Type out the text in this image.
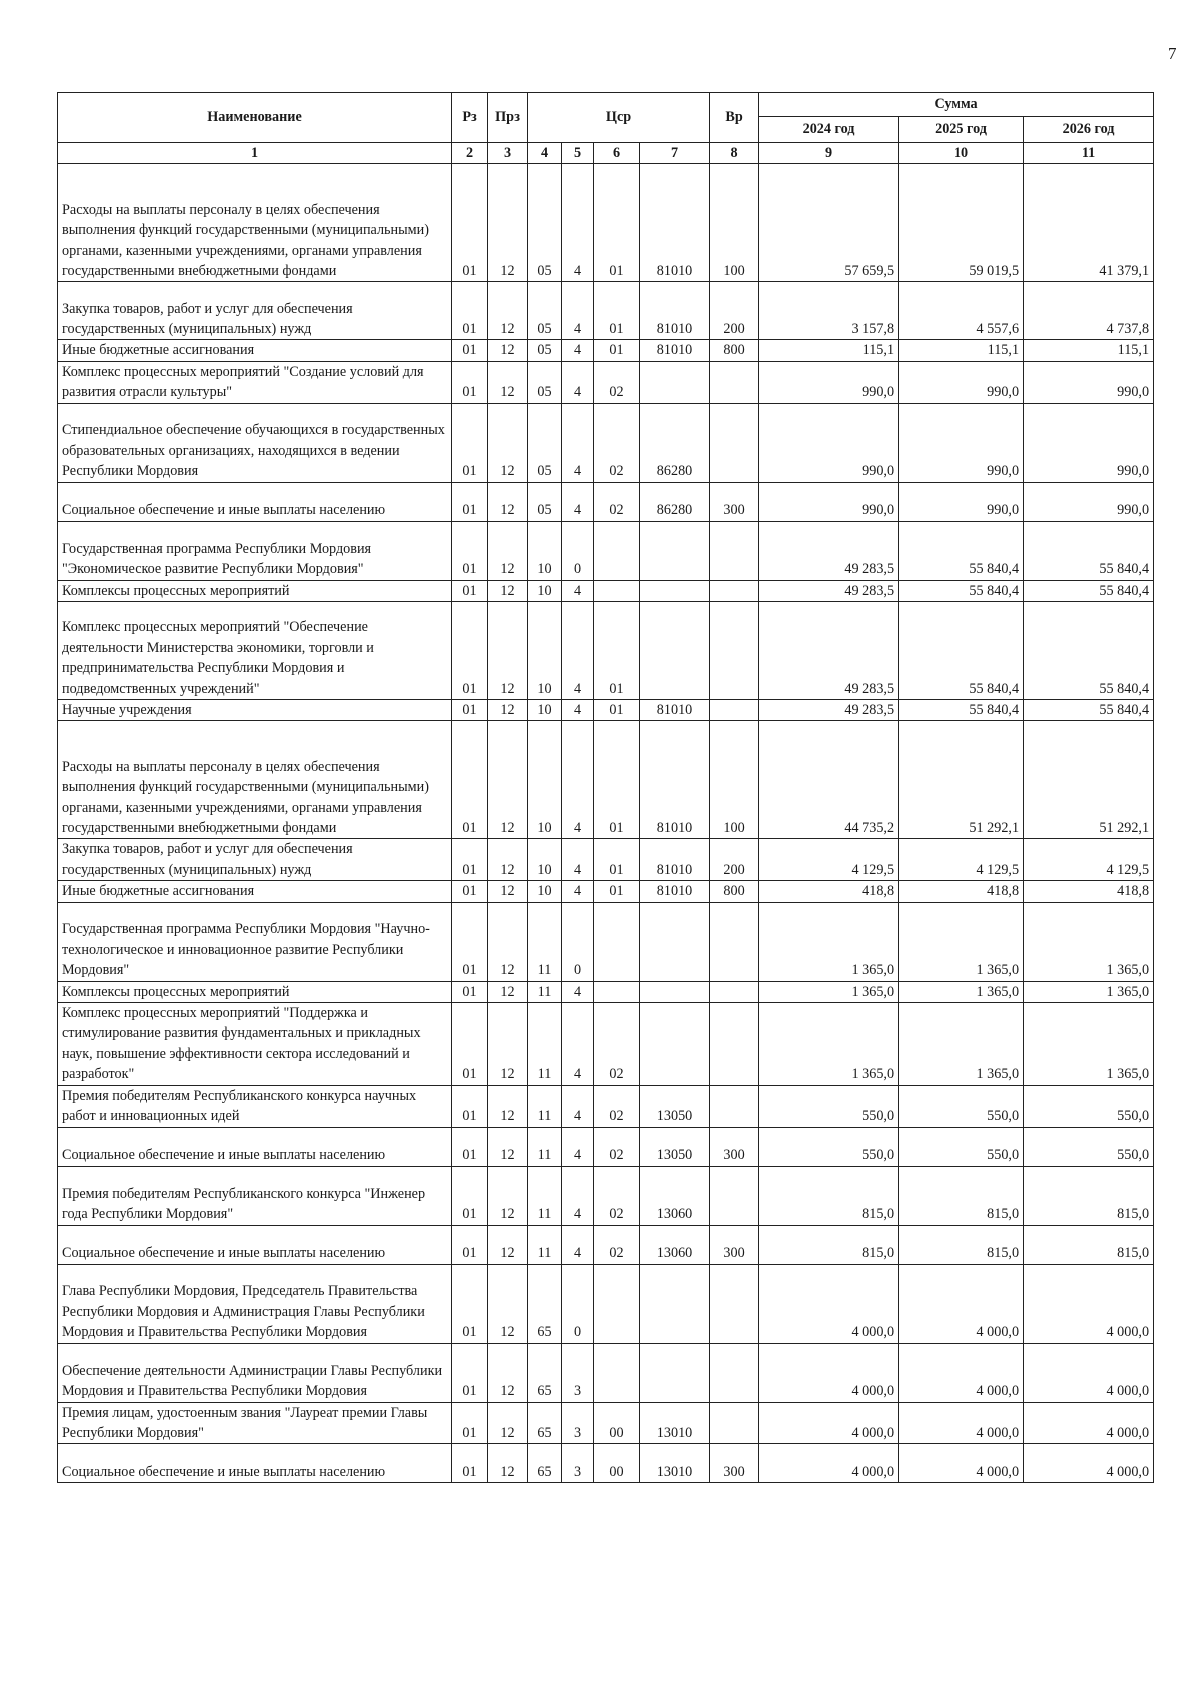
7
Наименование	Рз	Прз	Цср				Вр	Сумма		
								2024 год	2025 год	2026 год
1	2	3	4	5	6	7	8	9	10	11
Расходы на выплаты персоналу в целях обеспечения выполнения функций государственными (муниципальными) органами, казенными учреждениями, органами управления государственными внебюджетными фондами	01	12	05	4	01	81010	100	57 659,5	59 019,5	41 379,1
Закупка товаров, работ и услуг для обеспечения государственных (муниципальных) нужд	01	12	05	4	01	81010	200	3 157,8	4 557,6	4 737,8
Иные бюджетные ассигнования	01	12	05	4	01	81010	800	115,1	115,1	115,1
Комплекс процессных мероприятий "Создание условий для развития отрасли культуры"	01	12	05	4	02			990,0	990,0	990,0
Стипендиальное обеспечение обучающихся в государственных образовательных организациях, находящихся в ведении Республики Мордовия	01	12	05	4	02	86280		990,0	990,0	990,0
Социальное обеспечение и иные выплаты населению	01	12	05	4	02	86280	300	990,0	990,0	990,0
Государственная программа Республики Мордовия "Экономическое развитие Республики Мордовия"	01	12	10	0				49 283,5	55 840,4	55 840,4
Комплексы процессных мероприятий	01	12	10	4				49 283,5	55 840,4	55 840,4
Комплекс процессных мероприятий "Обеспечение деятельности Министерства экономики, торговли и предпринимательства Республики Мордовия и подведомственных учреждений"	01	12	10	4	01			49 283,5	55 840,4	55 840,4
Научные учреждения	01	12	10	4	01	81010		49 283,5	55 840,4	55 840,4
Расходы на выплаты персоналу в целях обеспечения выполнения функций государственными (муниципальными) органами, казенными учреждениями, органами управления государственными внебюджетными фондами	01	12	10	4	01	81010	100	44 735,2	51 292,1	51 292,1
Закупка товаров, работ и услуг для обеспечения государственных (муниципальных) нужд	01	12	10	4	01	81010	200	4 129,5	4 129,5	4 129,5
Иные бюджетные ассигнования	01	12	10	4	01	81010	800	418,8	418,8	418,8
Государственная программа Республики Мордовия "Научно-технологическое и инновационное развитие Республики Мордовия"	01	12	11	0				1 365,0	1 365,0	1 365,0
Комплексы процессных мероприятий	01	12	11	4				1 365,0	1 365,0	1 365,0
Комплекс процессных мероприятий "Поддержка и стимулирование развития фундаментальных и прикладных наук, повышение эффективности сектора исследований и разработок"	01	12	11	4	02			1 365,0	1 365,0	1 365,0
Премия победителям Республиканского конкурса научных работ и инновационных идей	01	12	11	4	02	13050		550,0	550,0	550,0
Социальное обеспечение и иные выплаты населению	01	12	11	4	02	13050	300	550,0	550,0	550,0
Премия победителям Республиканского конкурса "Инженер года Республики Мордовия"	01	12	11	4	02	13060		815,0	815,0	815,0
Социальное обеспечение и иные выплаты населению	01	12	11	4	02	13060	300	815,0	815,0	815,0
Глава Республики Мордовия, Председатель Правительства Республики Мордовия и Администрация Главы Республики Мордовия и Правительства Республики Мордовия	01	12	65	0				4 000,0	4 000,0	4 000,0
Обеспечение деятельности Администрации Главы Республики Мордовия и Правительства Республики Мордовия	01	12	65	3				4 000,0	4 000,0	4 000,0
Премия лицам, удостоенным звания "Лауреат премии Главы Республики Мордовия"	01	12	65	3	00	13010		4 000,0	4 000,0	4 000,0
Социальное обеспечение и иные выплаты населению	01	12	65	3	00	13010	300	4 000,0	4 000,0	4 000,0
